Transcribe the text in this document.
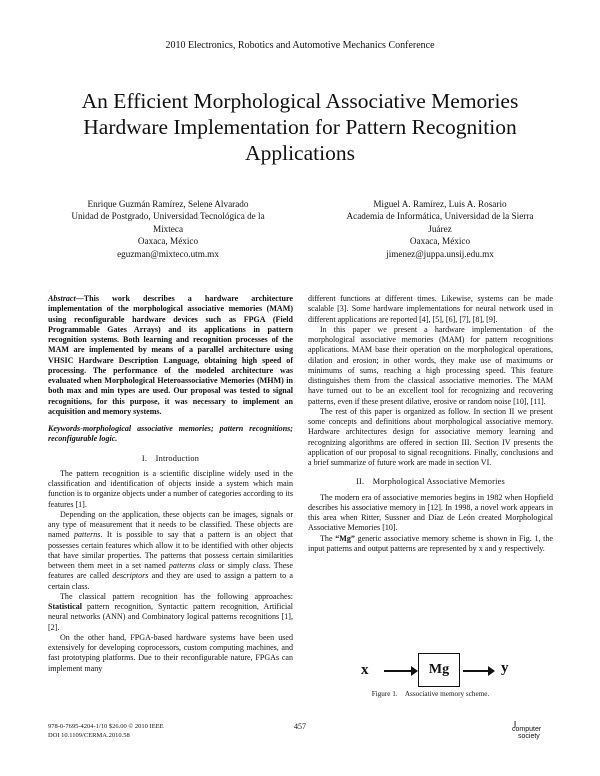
2010 Electronics, Robotics and Automotive Mechanics Conference
An Efficient Morphological Associative Memories
Hardware Implementation for Pattern Recognition
Applications
Enrique Guzmán Ramírez, Selene Alvarado
Unidad de Postgrado, Universidad Tecnológica de la
Mixteca
Oaxaca, México
eguzman@mixteco.utm.mx
Miguel A. Ramírez, Luis A. Rosario
Academia de Informática, Universidad de la Sierra
Juárez
Oaxaca, México
jimenez@juppa.unsij.edu.mx

Abstract—This work describes a hardware architecture implementation of the morphological associative memories (MAM) using reconfigurable hardware devices such as FPGA (Field Programmable Gates Arrays) and its applications in pattern recognition systems. Both learning and recognition processes of the MAM are implemented by means of a parallel architecture using VHSIC Hardware Description Language, obtaining high speed of processing. The performance of the modeled architecture was evaluated when Morphological Heteroassociative Memories (MHM) in both max and min types are used. Our proposal was tested to signal recognitions, for this purpose, it was necessary to implement an acquisition and memory systems.

Keywords-morphological associative memories; pattern recognitions; reconfigurable logic.

I. Introduction

The pattern recognition is a scientific discipline widely used in the classification and identification of objects inside a system which main function is to organize objects under a number of categories according to its features [1].

Depending on the application, these objects can be images, signals or any type of measurement that it needs to be classified. These objects are named patterns. It is possible to say that a pattern is an object that possesses certain features which allow it to be identified with other objects that have similar properties. The patterns that possess certain similarities between them meet in a set named patterns class or simply class. These features are called descriptors and they are used to assign a pattern to a certain class.

The classical pattern recognition has the following approaches: Statistical pattern recognition, Syntactic pattern recognition, Artificial neural networks (ANN) and Combinatory logical patterns recognitions [1], [2].

On the other hand, FPGA-based hardware systems have been used extensively for developing coprocessors, custom computing machines, and fast prototyping platforms. Due to their reconfigurable nature, FPGAs can implement many

different functions at different times. Likewise, systems can be made scalable [3]. Some hardware implementations for neural network used in different applications are reported [4], [5], [6], [7], [8], [9].

In this paper we present a hardware implementation of the morphological associative memories (MAM) for pattern recognitions applications. MAM base their operation on the morphological operations, dilation and erosion; in other words, they make use of maximums or minimums of sums, reaching a high processing speed. This feature distinguishes them from the classical associative memories. The MAM have turned out to be an excellent tool for recognizing and recovering patterns, even if these present dilative, erosive or random noise [10], [11].

The rest of this paper is organized as follow. In section II we present some concepts and definitions about morphological associative memory. Hardware architectures design for associative memory learning and recognizing algorithms are offered in section III. Section IV presents the application of our proposal to signal recognitions. Finally, conclusions and a brief summarize of future work are made in section VI.

II. Morphological Associative Memories

The modern era of associative memories begins in 1982 when Hopfield describes his associative memory in [12]. In 1998, a novel work appears in this area when Ritter, Sussner and Díaz de León created Morphological Associative Memories [10].

The “Mg” generic associative memory scheme is shown in Fig. 1, the input patterns and output patterns are represented by x and y respectively.

x	Mg	y
Figure 1. Associative memory scheme.
978-0-7695-4204-1/10 $26.00 © 2010 IEEE
DOI 10.1109/CERMA.2010.58
457	|||
computer
society
